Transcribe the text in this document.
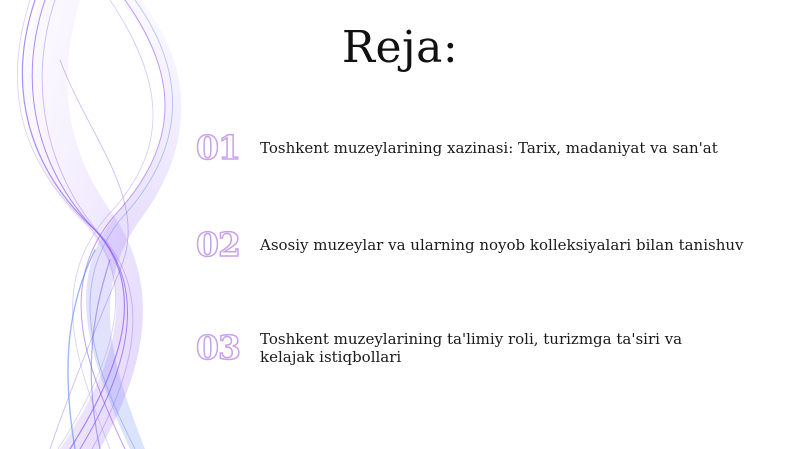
Reja:
01	Toshkent muzeylarining xazinasi: Tarix, madaniyat va san'at
02	Asosiy muzeylar va ularning noyob kolleksiyalari bilan tanishuv
03	Toshkent muzeylarining ta'limiy roli, turizmga ta'siri va kelajak istiqbollari
